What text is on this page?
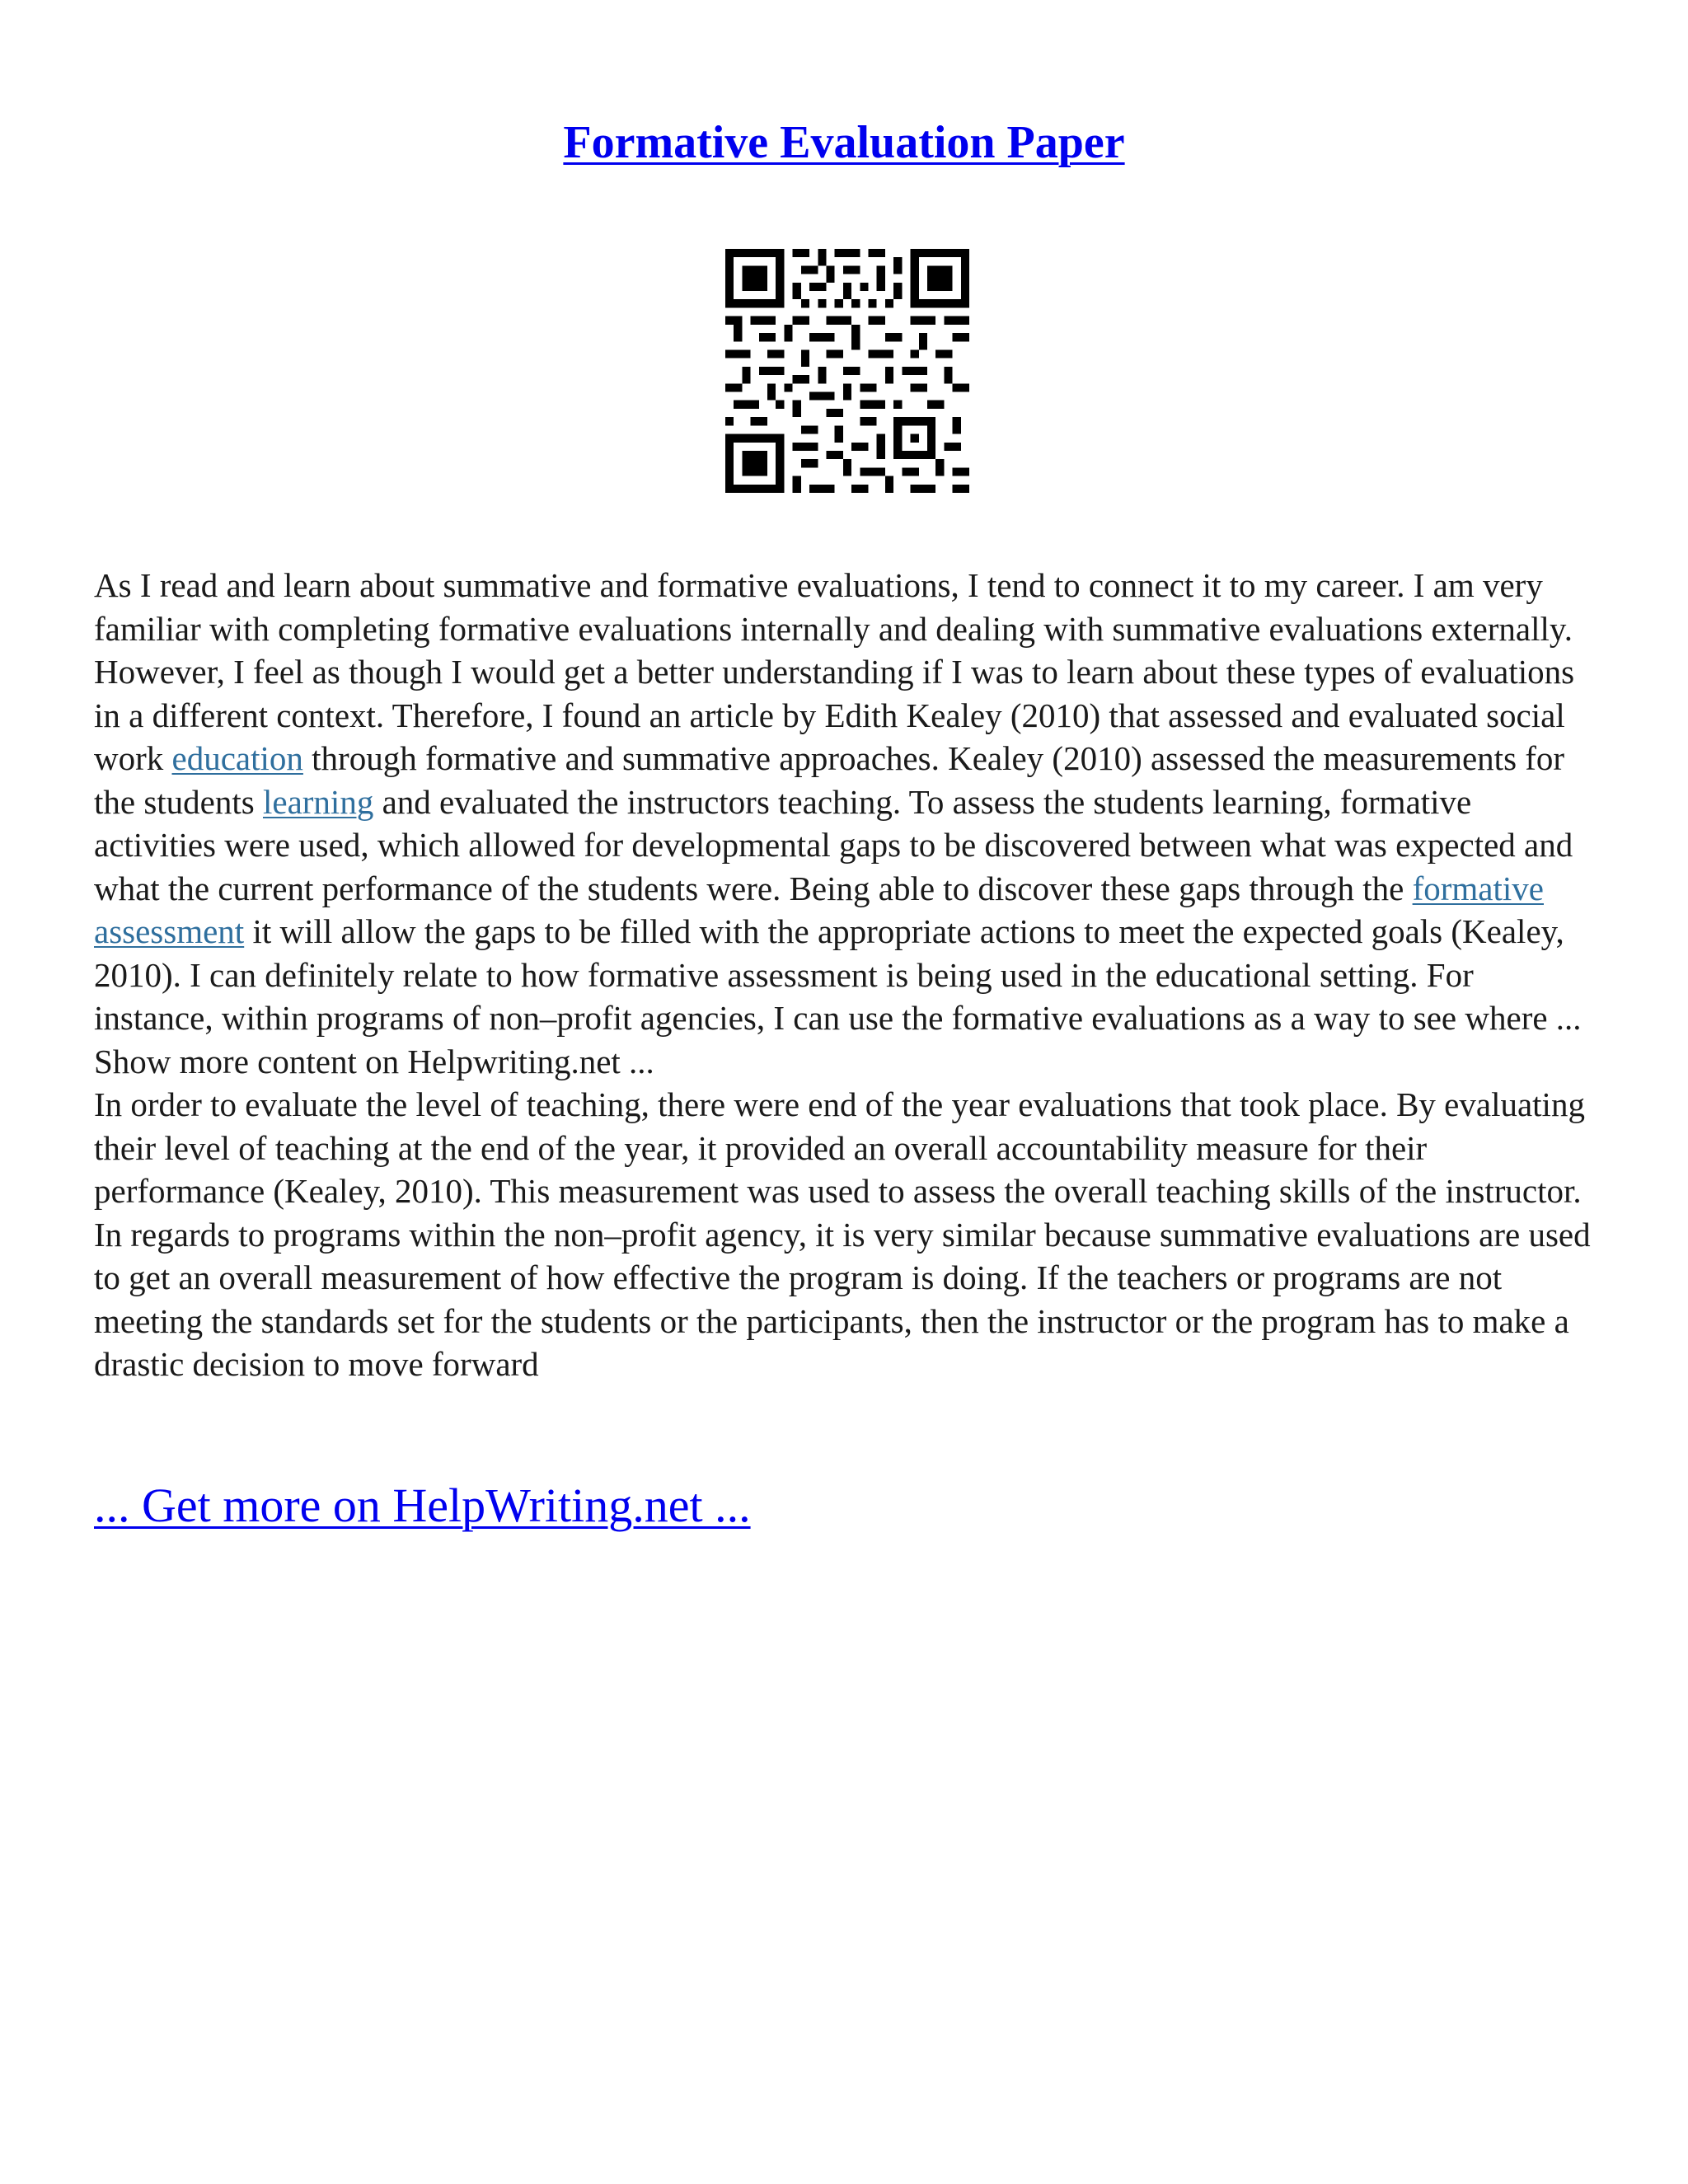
Formative Evaluation Paper

As I read and learn about summative and formative evaluations, I tend to connect it to my career. I am very familiar with completing formative evaluations internally and dealing with summative evaluations externally. However, I feel as though I would get a better understanding if I was to learn about these types of evaluations in a different context. Therefore, I found an article by Edith Kealey (2010) that assessed and evaluated social work education through formative and summative approaches. Kealey (2010) assessed the measurements for the students learning and evaluated the instructors teaching. To assess the students learning, formative activities were used, which allowed for developmental gaps to be discovered between what was expected and what the current performance of the students were. Being able to discover these gaps through the formative assessment it will allow the gaps to be filled with the appropriate actions to meet the expected goals (Kealey, 2010). I can definitely relate to how formative assessment is being used in the educational setting. For instance, within programs of non–profit agencies, I can use the formative evaluations as a way to see where ... Show more content on Helpwriting.net ...

In order to evaluate the level of teaching, there were end of the year evaluations that took place. By evaluating their level of teaching at the end of the year, it provided an overall accountability measure for their performance (Kealey, 2010). This measurement was used to assess the overall teaching skills of the instructor. In regards to programs within the non–profit agency, it is very similar because summative evaluations are used to get an overall measurement of how effective the program is doing. If the teachers or programs are not meeting the standards set for the students or the participants, then the instructor or the program has to make a drastic decision to move forward

... Get more on HelpWriting.net ...
